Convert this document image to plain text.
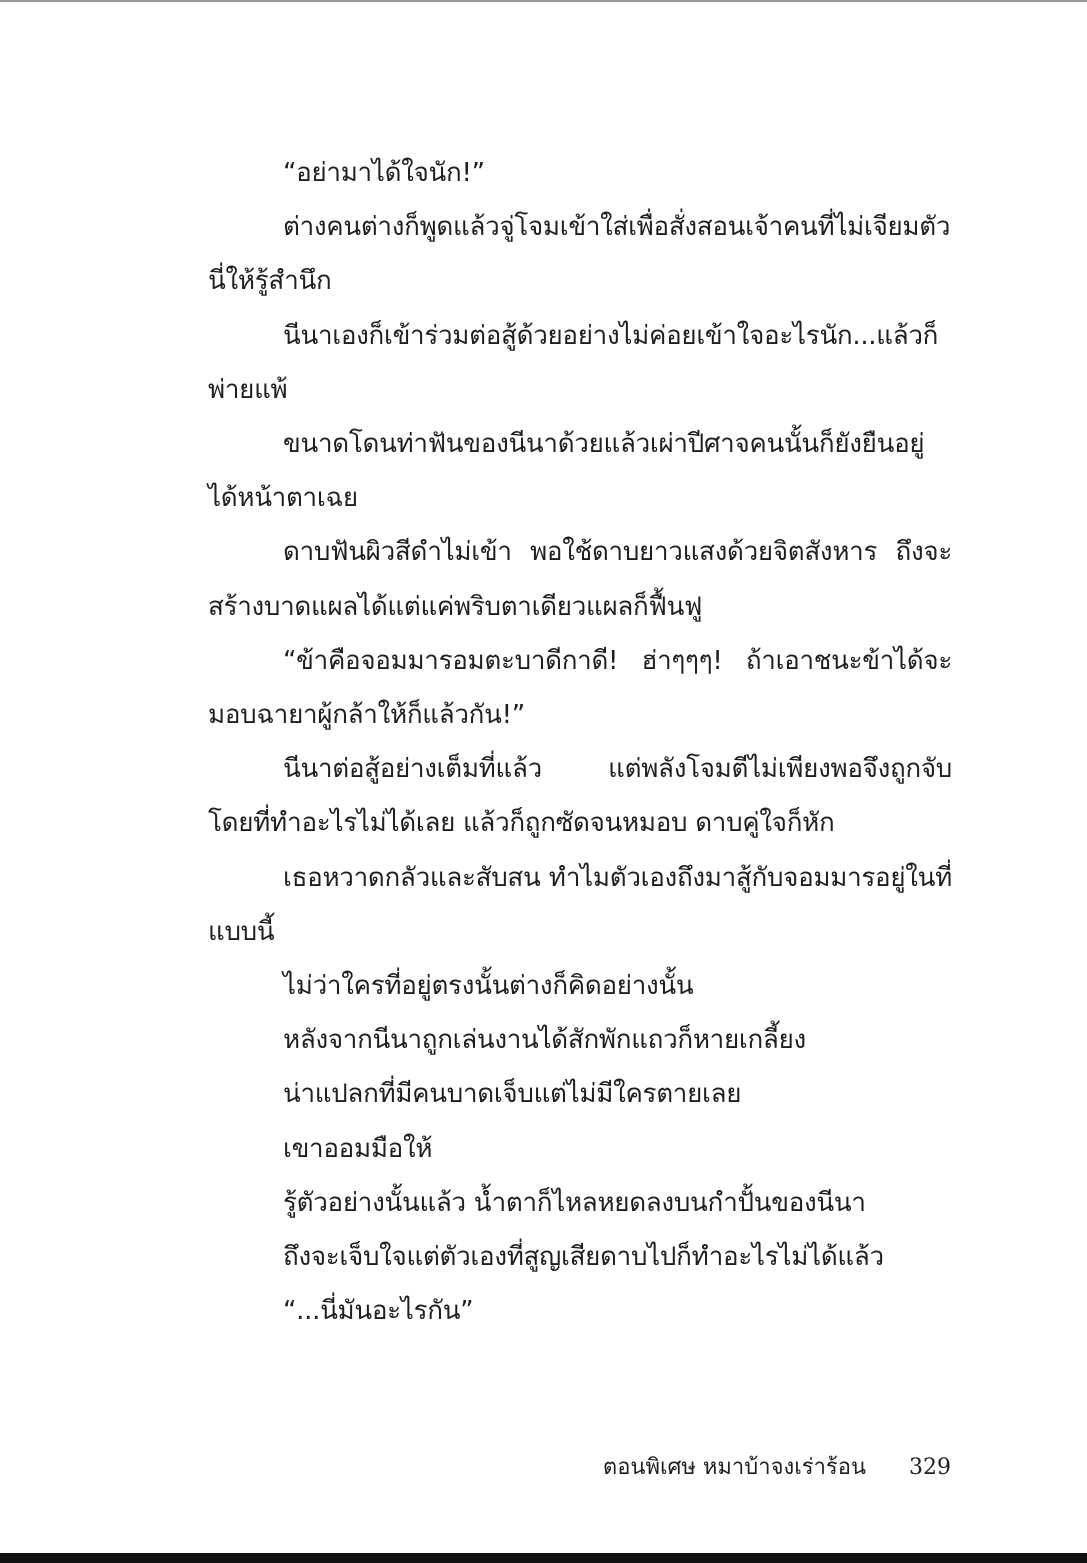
“อย่ามาได้ใจนัก!”

ต่างคนต่างก็พูดแล้วจู่โจมเข้าใส่เพื่อสั่งสอนเจ้าคนที่ไม่เจียมตัวนี่ให้รู้สำนึก

นีนาเองก็เข้าร่วมต่อสู้ด้วยอย่างไม่ค่อยเข้าใจอะไรนัก...แล้วก็พ่ายแพ้

ขนาดโดนท่าฟันของนีนาด้วยแล้วเผ่าปีศาจคนนั้นก็ยังยืนอยู่ได้หน้าตาเฉย

ดาบฟันผิวสีดำไม่เข้า พอใช้ดาบยาวแสงด้วยจิตสังหาร ถึงจะสร้างบาดแผลได้แต่แค่พริบตาเดียวแผลก็ฟื้นฟู

“ข้าคือจอมมารอมตะบาดีกาดี! ฮ่าๆๆๆ! ถ้าเอาชนะข้าได้จะมอบฉายาผู้กล้าให้ก็แล้วกัน!”

นีนาต่อสู้อย่างเต็มที่แล้ว แต่พลังโจมตีไม่เพียงพอจึงถูกจับโดยที่ทำอะไรไม่ได้เลย แล้วก็ถูกซัดจนหมอบ ดาบคู่ใจก็หัก

เธอหวาดกลัวและสับสน ทำไมตัวเองถึงมาสู้กับจอมมารอยู่ในที่แบบนี้

ไม่ว่าใครที่อยู่ตรงนั้นต่างก็คิดอย่างนั้น

หลังจากนีนาถูกเล่นงานได้สักพักแถวก็หายเกลี้ยง

น่าแปลกที่มีคนบาดเจ็บแต่ไม่มีใครตายเลย

เขาออมมือให้

รู้ตัวอย่างนั้นแล้ว น้ำตาก็ไหลหยดลงบนกำปั้นของนีนา

ถึงจะเจ็บใจแต่ตัวเองที่สูญเสียดาบไปก็ทำอะไรไม่ได้แล้ว

“...นี่มันอะไรกัน”

ตอนพิเศษ หมาบ้าจงเร่าร้อน 329
